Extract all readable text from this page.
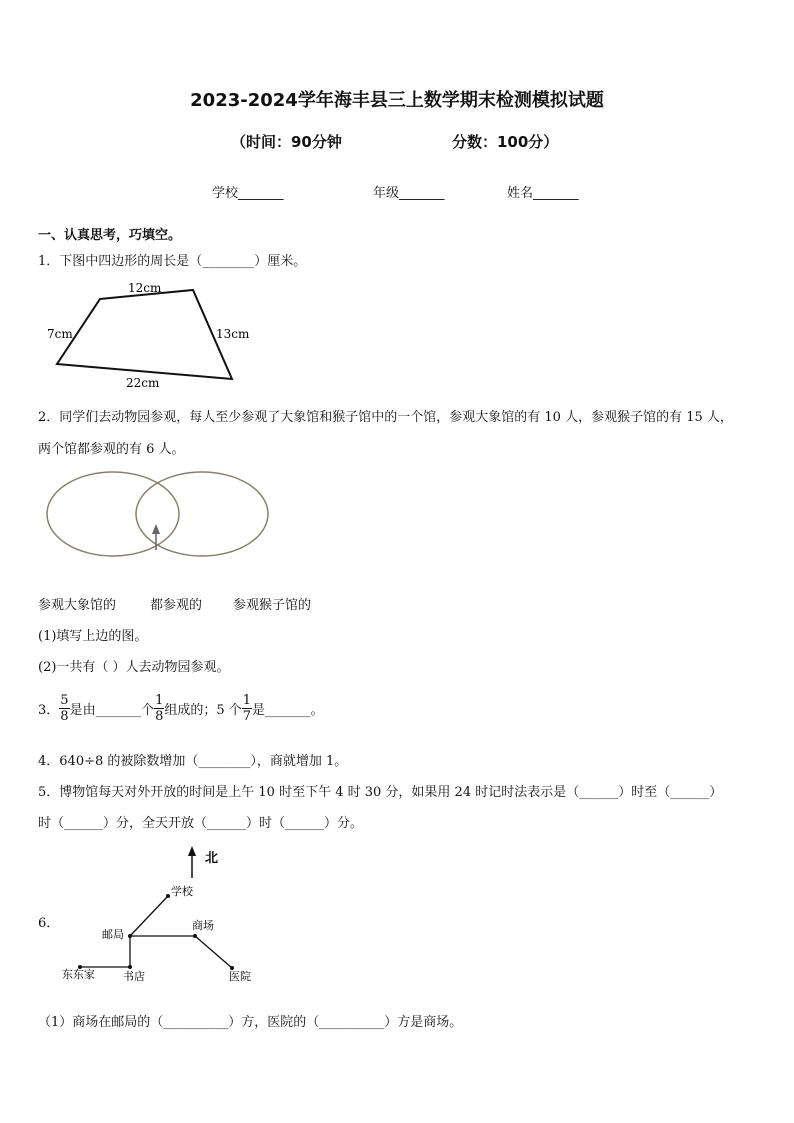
2023-2024学年海丰县三上数学期末检测模拟试题
（时间：90分钟	分数：100分）
学校_______	年级_______	姓名_______
一、认真思考，巧填空。
1．下图中四边形的周长是（________）厘米。
12cm
7cm	13cm
22cm
2．同学们去动物园参观，每人至少参观了大象馆和猴子馆中的一个馆，参观大象馆的有 10 人，参观猴子馆的有 15 人，
两个馆都参观的有 6 人。
参观大象馆的	都参观的 参观猴子馆的
(1)填写上边的图。
(2)一共有（ ）人去动物园参观。
3． $\frac{5}{8}$ 是由_______个 $\frac{1}{8}$ 组成的；5 个 $\frac{1}{7}$ 是_______。
4．640÷8 的被除数增加（________），商就增加 1。
5．博物馆每天对外开放的时间是上午 10 时至下午 4 时 30 分，如果用 24 时记时法表示是（______）时至（______）
时（______）分，全天开放（______）时（______）分。
6．
北
学校
邮局
商场
东东家	书店	医院
（1）商场在邮局的（__________）方，医院的（__________）方是商场。
